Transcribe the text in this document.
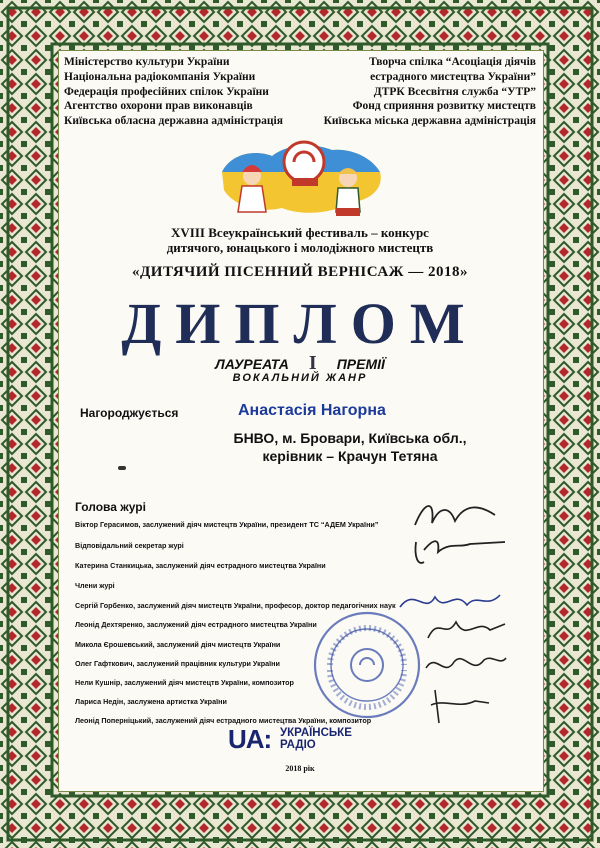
Міністерство культури України
Національна радіокомпанія України
Федерація професійних спілок України
Агентство охорони прав виконавців
Київська обласна державна адміністрація
Творча спілка “Асоціація діячів
естрадного мистецтва України”
ДТРК Всесвітня служба “УТР”
Фонд сприяння розвитку мистецтв
Київська міська державна адміністрація
XVIII Всеукраїнський фестиваль – конкурс
дитячого, юнацького і молодіжного мистецтв
«ДИТЯЧИЙ ПІСЕННИЙ ВЕРНІСАЖ — 2018»
ДИПЛОМ
ЛАУРЕАТА I ПРЕМІЇ
ВОКАЛЬНИЙ ЖАНР
Нагороджується	Анастасія Нагорна
БНВО, м. Бровари, Київська обл.,
керівник – Крачун Тетяна
Голова журі
Віктор Герасимов, заслужений діяч мистецтв України, президент ТС “АДЕМ України”
Відповідальний секретар журі
Катерина Станкицька, заслужений діяч естрадного мистецтва України
Члени журі
Сергій Горбенко, заслужений діяч мистецтв України, професор, доктор педагогічних наук
Леонід Дехтяренко, заслужений діяч естрадного мистецтва України
Микола Єрошевський, заслужений діяч мистецтв України
Олег Гафткович, заслужений працівник культури України
Нели Кушнір, заслужений діяч мистецтв України, композитор
Лариса Недін, заслужена артистка України
Леонід Поперніцький, заслужений діяч естрадного мистецтва України, композитор
UA: УКРАЇНСЬКЕ
РАДІО
2018 рік
